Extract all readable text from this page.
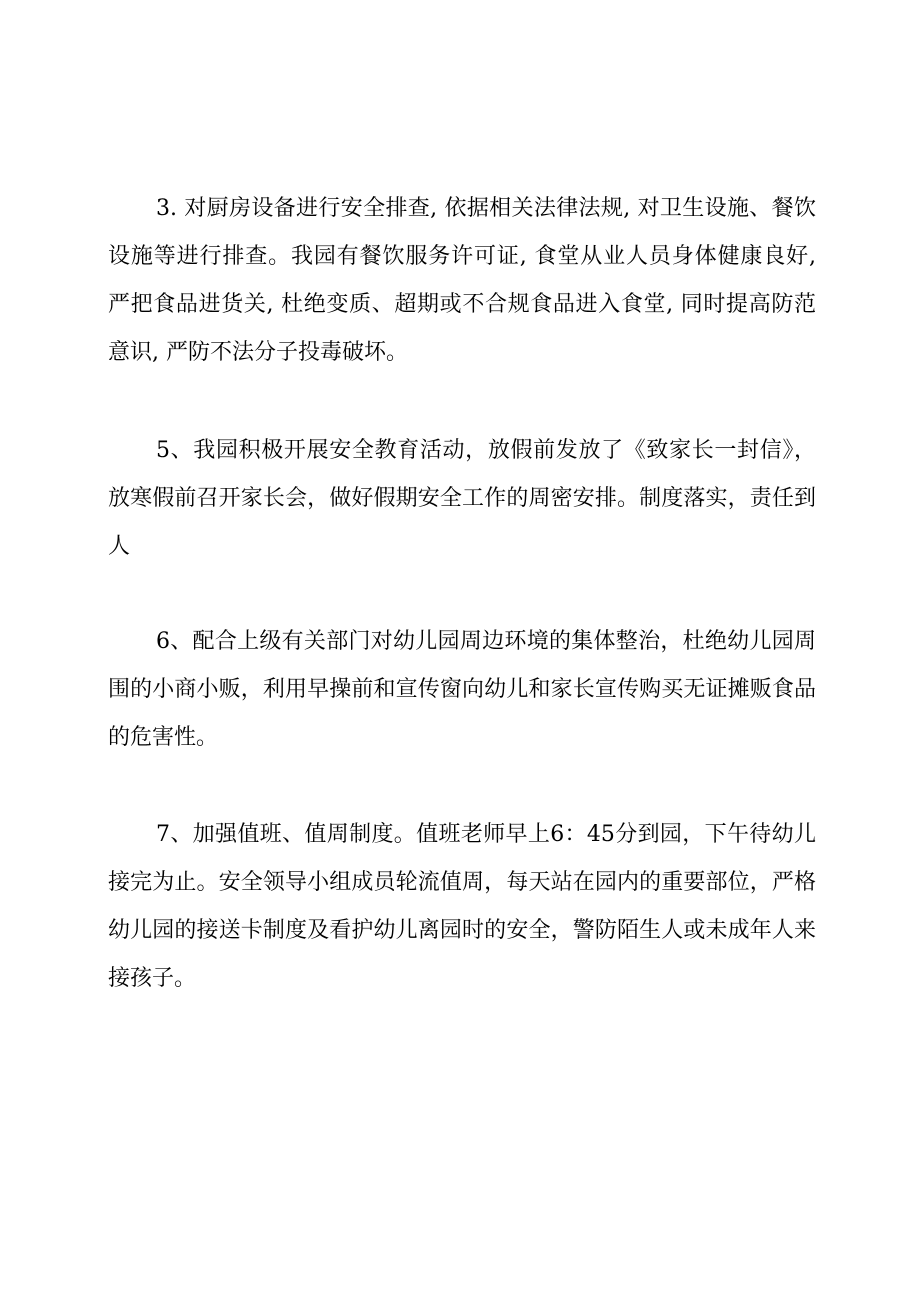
3. 对厨房设备进行安全排查, 依据相关法律法规, 对卫生设施、餐饮设施等进行排查。我园有餐饮服务许可证, 食堂从业人员身体健康良好, 严把食品进货关, 杜绝变质、超期或不合规食品进入食堂, 同时提高防范意识, 严防不法分子投毒破坏。

5、我园积极开展安全教育活动，放假前发放了《致家长一封信》，放寒假前召开家长会，做好假期安全工作的周密安排。制度落实，责任到人

6、配合上级有关部门对幼儿园周边环境的集体整治，杜绝幼儿园周围的小商小贩，利用早操前和宣传窗向幼儿和家长宣传购买无证摊贩食品的危害性。

7、加强值班、值周制度。值班老师早上6：45分到园，下午待幼儿接完为止。安全领导小组成员轮流值周，每天站在园内的重要部位，严格幼儿园的接送卡制度及看护幼儿离园时的安全，警防陌生人或未成年人来接孩子。
